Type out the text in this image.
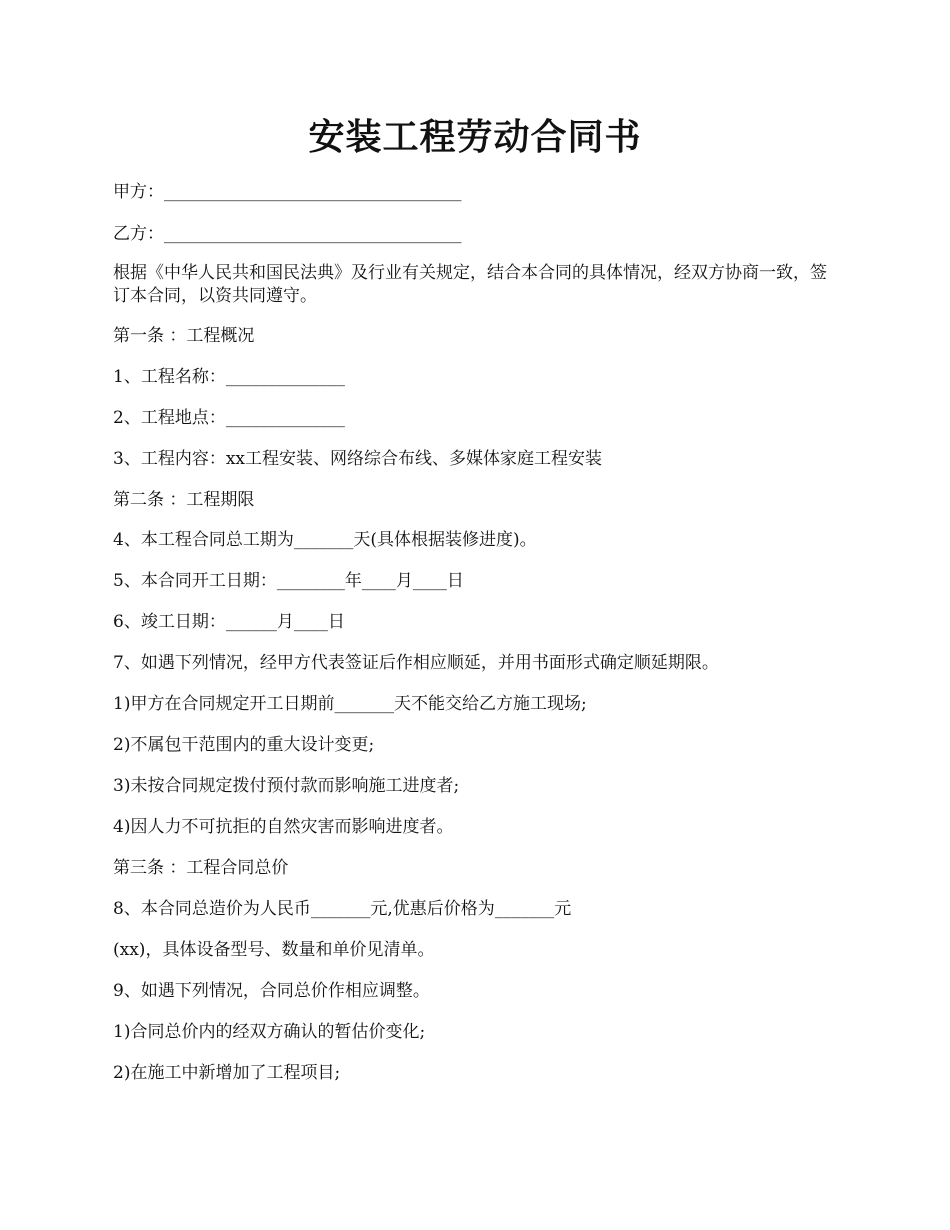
安装工程劳动合同书
甲方：___________________________________
乙方：___________________________________
根据《中华人民共和国民法典》及行业有关规定，结合本合同的具体情况，经双方协商一致，签订本合同，以资共同遵守。
第一条 ：工程概况
1、工程名称：______________
2、工程地点：______________
3、工程内容：xx工程安装、网络综合布线、多媒体家庭工程安装
第二条 ：工程期限
4、本工程合同总工期为_______天(具体根据装修进度)。
5、本合同开工日期：________年____月____日
6、竣工日期：______月____日
7、如遇下列情况，经甲方代表签证后作相应顺延，并用书面形式确定顺延期限。
1)甲方在合同规定开工日期前_______天不能交给乙方施工现场;
2)不属包干范围内的重大设计变更;
3)未按合同规定拨付预付款而影响施工进度者;
4)因人力不可抗拒的自然灾害而影响进度者。
第三条 ：工程合同总价
8、本合同总造价为人民币_______元,优惠后价格为_______元
(xx)，具体设备型号、数量和单价见清单。
9、如遇下列情况，合同总价作相应调整。
1)合同总价内的经双方确认的暂估价变化;
2)在施工中新增加了工程项目;
